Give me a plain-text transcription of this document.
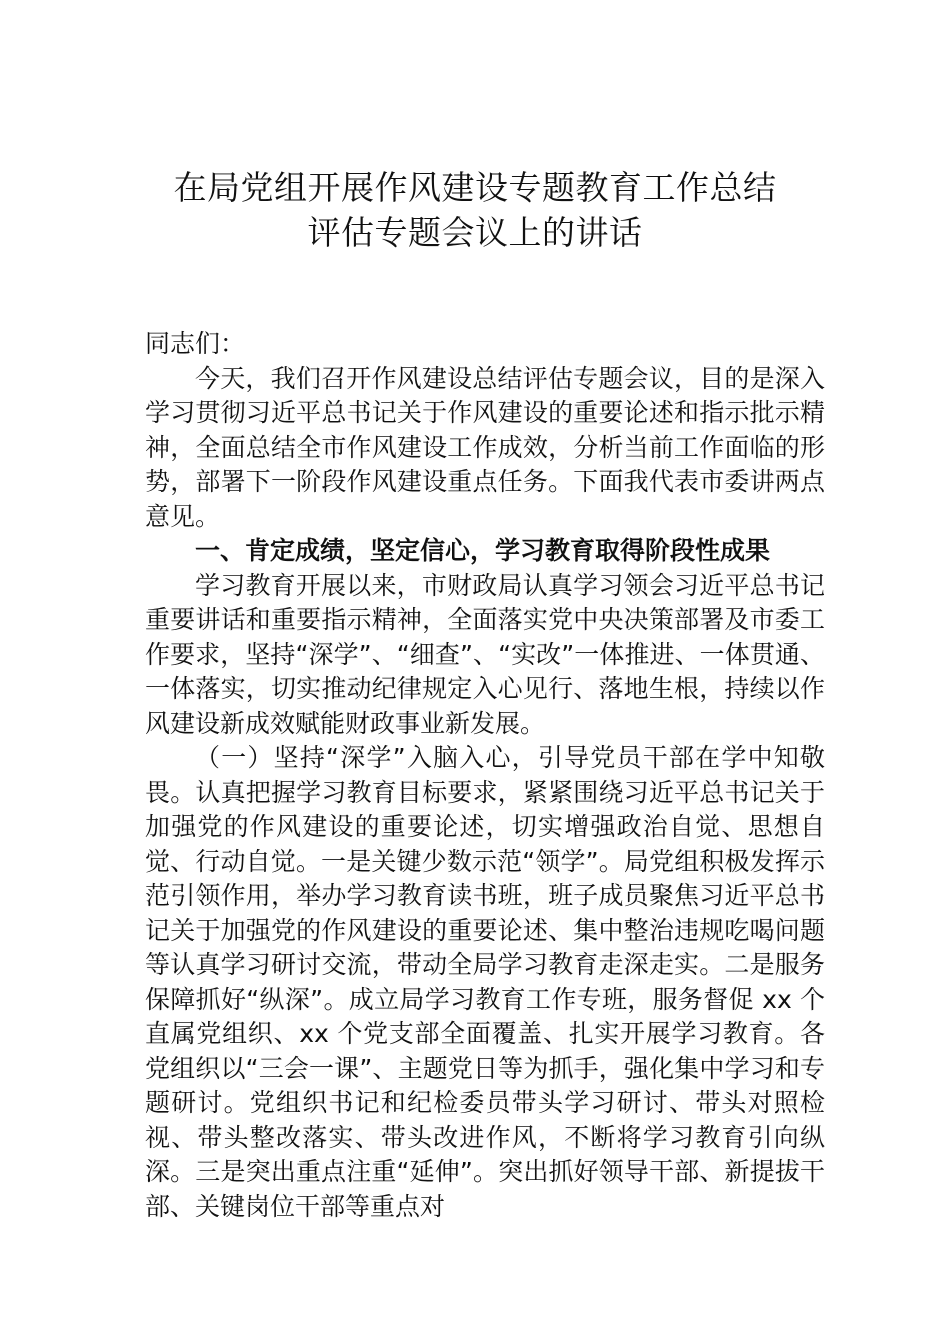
在局党组开展作风建设专题教育工作总结
评估专题会议上的讲话

同志们：

今天，我们召开作风建设总结评估专题会议，目的是深入学习贯彻习近平总书记关于作风建设的重要论述和指示批示精神，全面总结全市作风建设工作成效，分析当前工作面临的形势，部署下一阶段作风建设重点任务。下面我代表市委讲两点意见。

一、肯定成绩，坚定信心，学习教育取得阶段性成果

学习教育开展以来，市财政局认真学习领会习近平总书记重要讲话和重要指示精神，全面落实党中央决策部署及市委工作要求，坚持“深学”、“细查”、“实改”一体推进、一体贯通、一体落实，切实推动纪律规定入心见行、落地生根，持续以作风建设新成效赋能财政事业新发展。

（一）坚持“深学”入脑入心，引导党员干部在学中知敬畏。认真把握学习教育目标要求，紧紧围绕习近平总书记关于加强党的作风建设的重要论述，切实增强政治自觉、思想自觉、行动自觉。一是关键少数示范“领学”。局党组积极发挥示范引领作用，举办学习教育读书班，班子成员聚焦习近平总书记关于加强党的作风建设的重要论述、集中整治违规吃喝问题等认真学习研讨交流，带动全局学习教育走深走实。二是服务保障抓好“纵深”。成立局学习教育工作专班，服务督促 xx 个直属党组织、xx 个党支部全面覆盖、扎实开展学习教育。各党组织以“三会一课”、主题党日等为抓手，强化集中学习和专题研讨。党组织书记和纪检委员带头学习研讨、带头对照检视、带头整改落实、带头改进作风，不断将学习教育引向纵深。三是突出重点注重“延伸”。突出抓好领导干部、新提拔干部、关键岗位干部等重点对
